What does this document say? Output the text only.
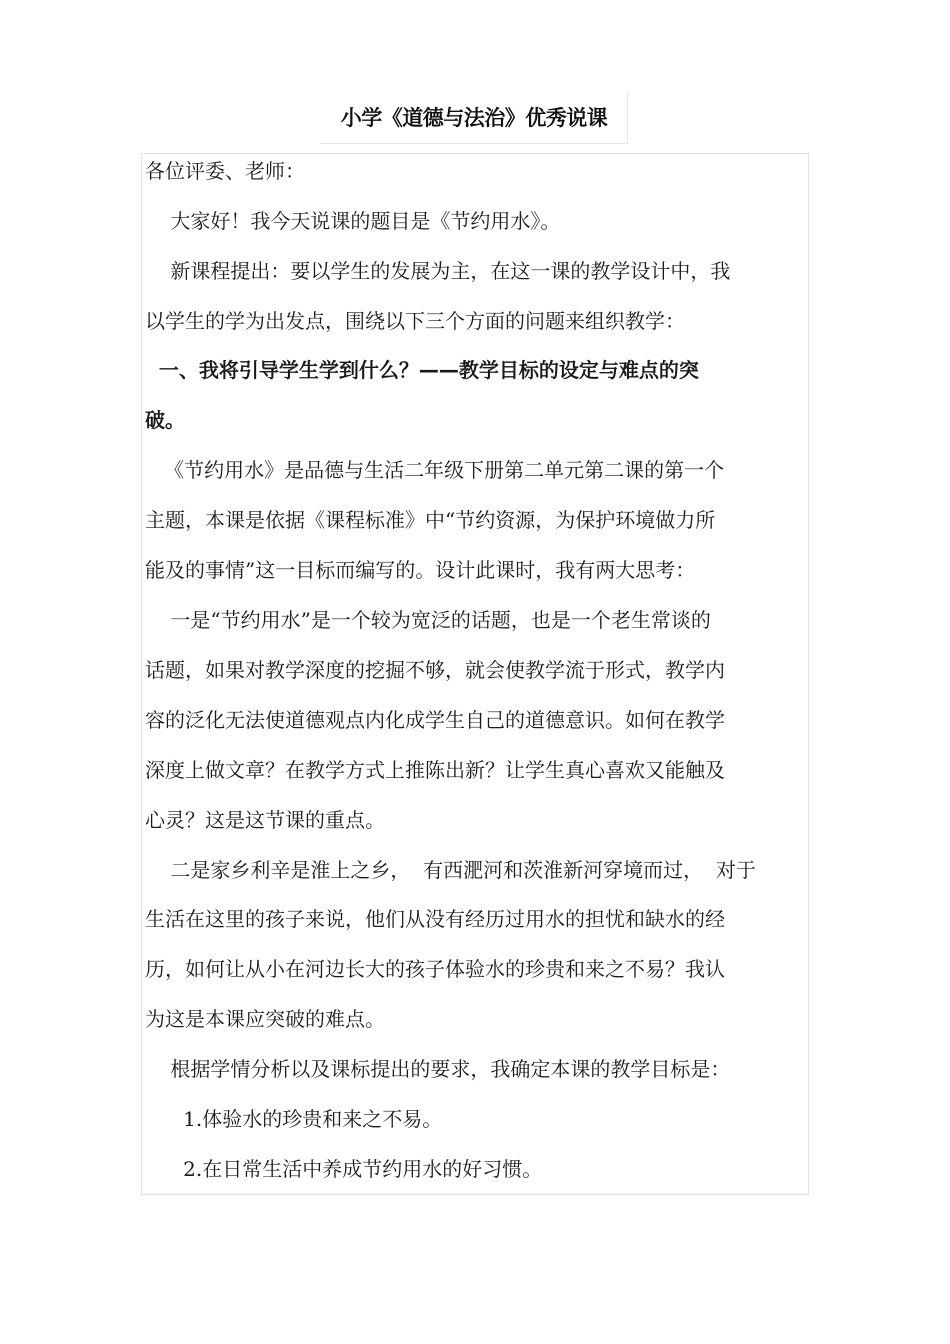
小学《道德与法治》优秀说课
各位评委、老师：
大家好！我今天说课的题目是《节约用水》。
新课程提出：要以学生的发展为主，在这一课的教学设计中，我
以学生的学为出发点，围绕以下三个方面的问题来组织教学：
一、我将引导学生学到什么？——教学目标的设定与难点的突
破。
《节约用水》是品德与生活二年级下册第二单元第二课的第一个
主题，本课是依据《课程标准》中“节约资源，为保护环境做力所
能及的事情”这一目标而编写的。设计此课时，我有两大思考：
一是“节约用水”是一个较为宽泛的话题，也是一个老生常谈的
话题，如果对教学深度的挖掘不够，就会使教学流于形式，教学内
容的泛化无法使道德观点内化成学生自己的道德意识。如何在教学
深度上做文章？在教学方式上推陈出新？让学生真心喜欢又能触及
心灵？这是这节课的重点。
二是家乡利辛是淮上之乡，  有西淝河和茨淮新河穿境而过，  对于
生活在这里的孩子来说，他们从没有经历过用水的担忧和缺水的经
历，如何让从小在河边长大的孩子体验水的珍贵和来之不易？我认
为这是本课应突破的难点。
根据学情分析以及课标提出的要求，我确定本课的教学目标是：
1.体验水的珍贵和来之不易。
2.在日常生活中养成节约用水的好习惯。
